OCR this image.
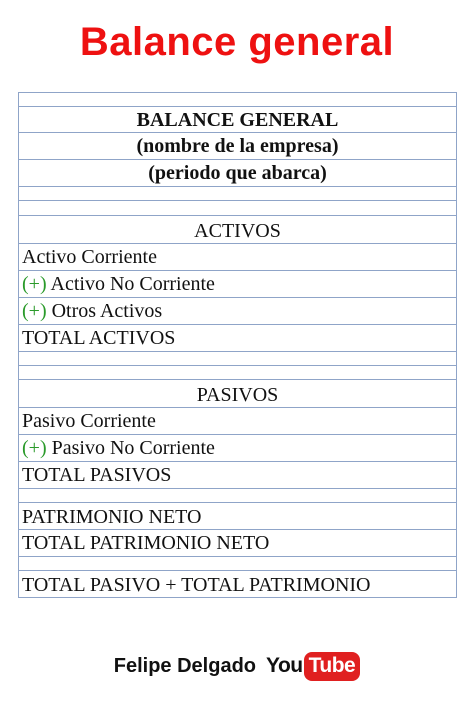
Balance general
BALANCE GENERAL
(nombre de la empresa)
(periodo que abarca)
ACTIVOS
Activo Corriente
(+) Activo No Corriente
(+) Otros Activos
TOTAL ACTIVOS
PASIVOS
Pasivo Corriente
(+) Pasivo No Corriente
TOTAL PASIVOS
PATRIMONIO NETO
TOTAL PATRIMONIO NETO
TOTAL PASIVO + TOTAL PATRIMONIO
Felipe Delgado You Tube
